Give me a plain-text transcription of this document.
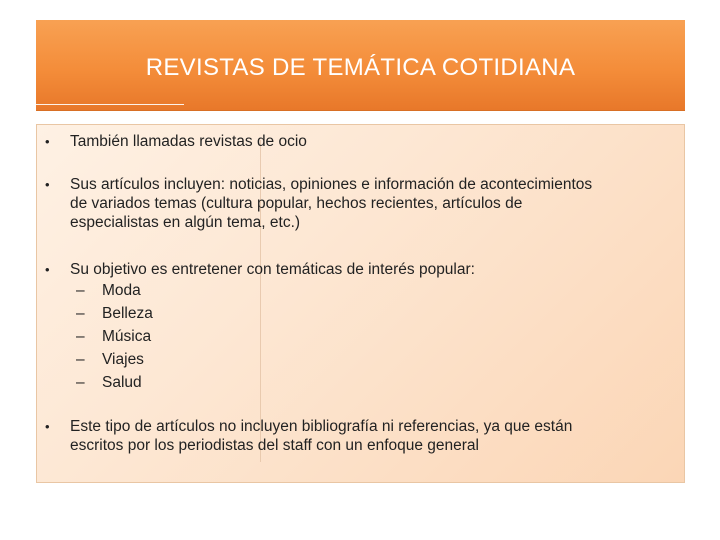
REVISTAS DE TEMÁTICA COTIDIANA
• También llamadas revistas de ocio
• Sus artículos incluyen: noticias, opiniones e información de acontecimientos
de variados temas (cultura popular, hechos recientes, artículos de
especialistas en algún tema, etc.)
• Su objetivo es entretener con temáticas de interés popular:
– Moda
– Belleza
– Música
– Viajes
– Salud
• Este tipo de artículos no incluyen bibliografía ni referencias, ya que están
escritos por los periodistas del staff con un enfoque general
